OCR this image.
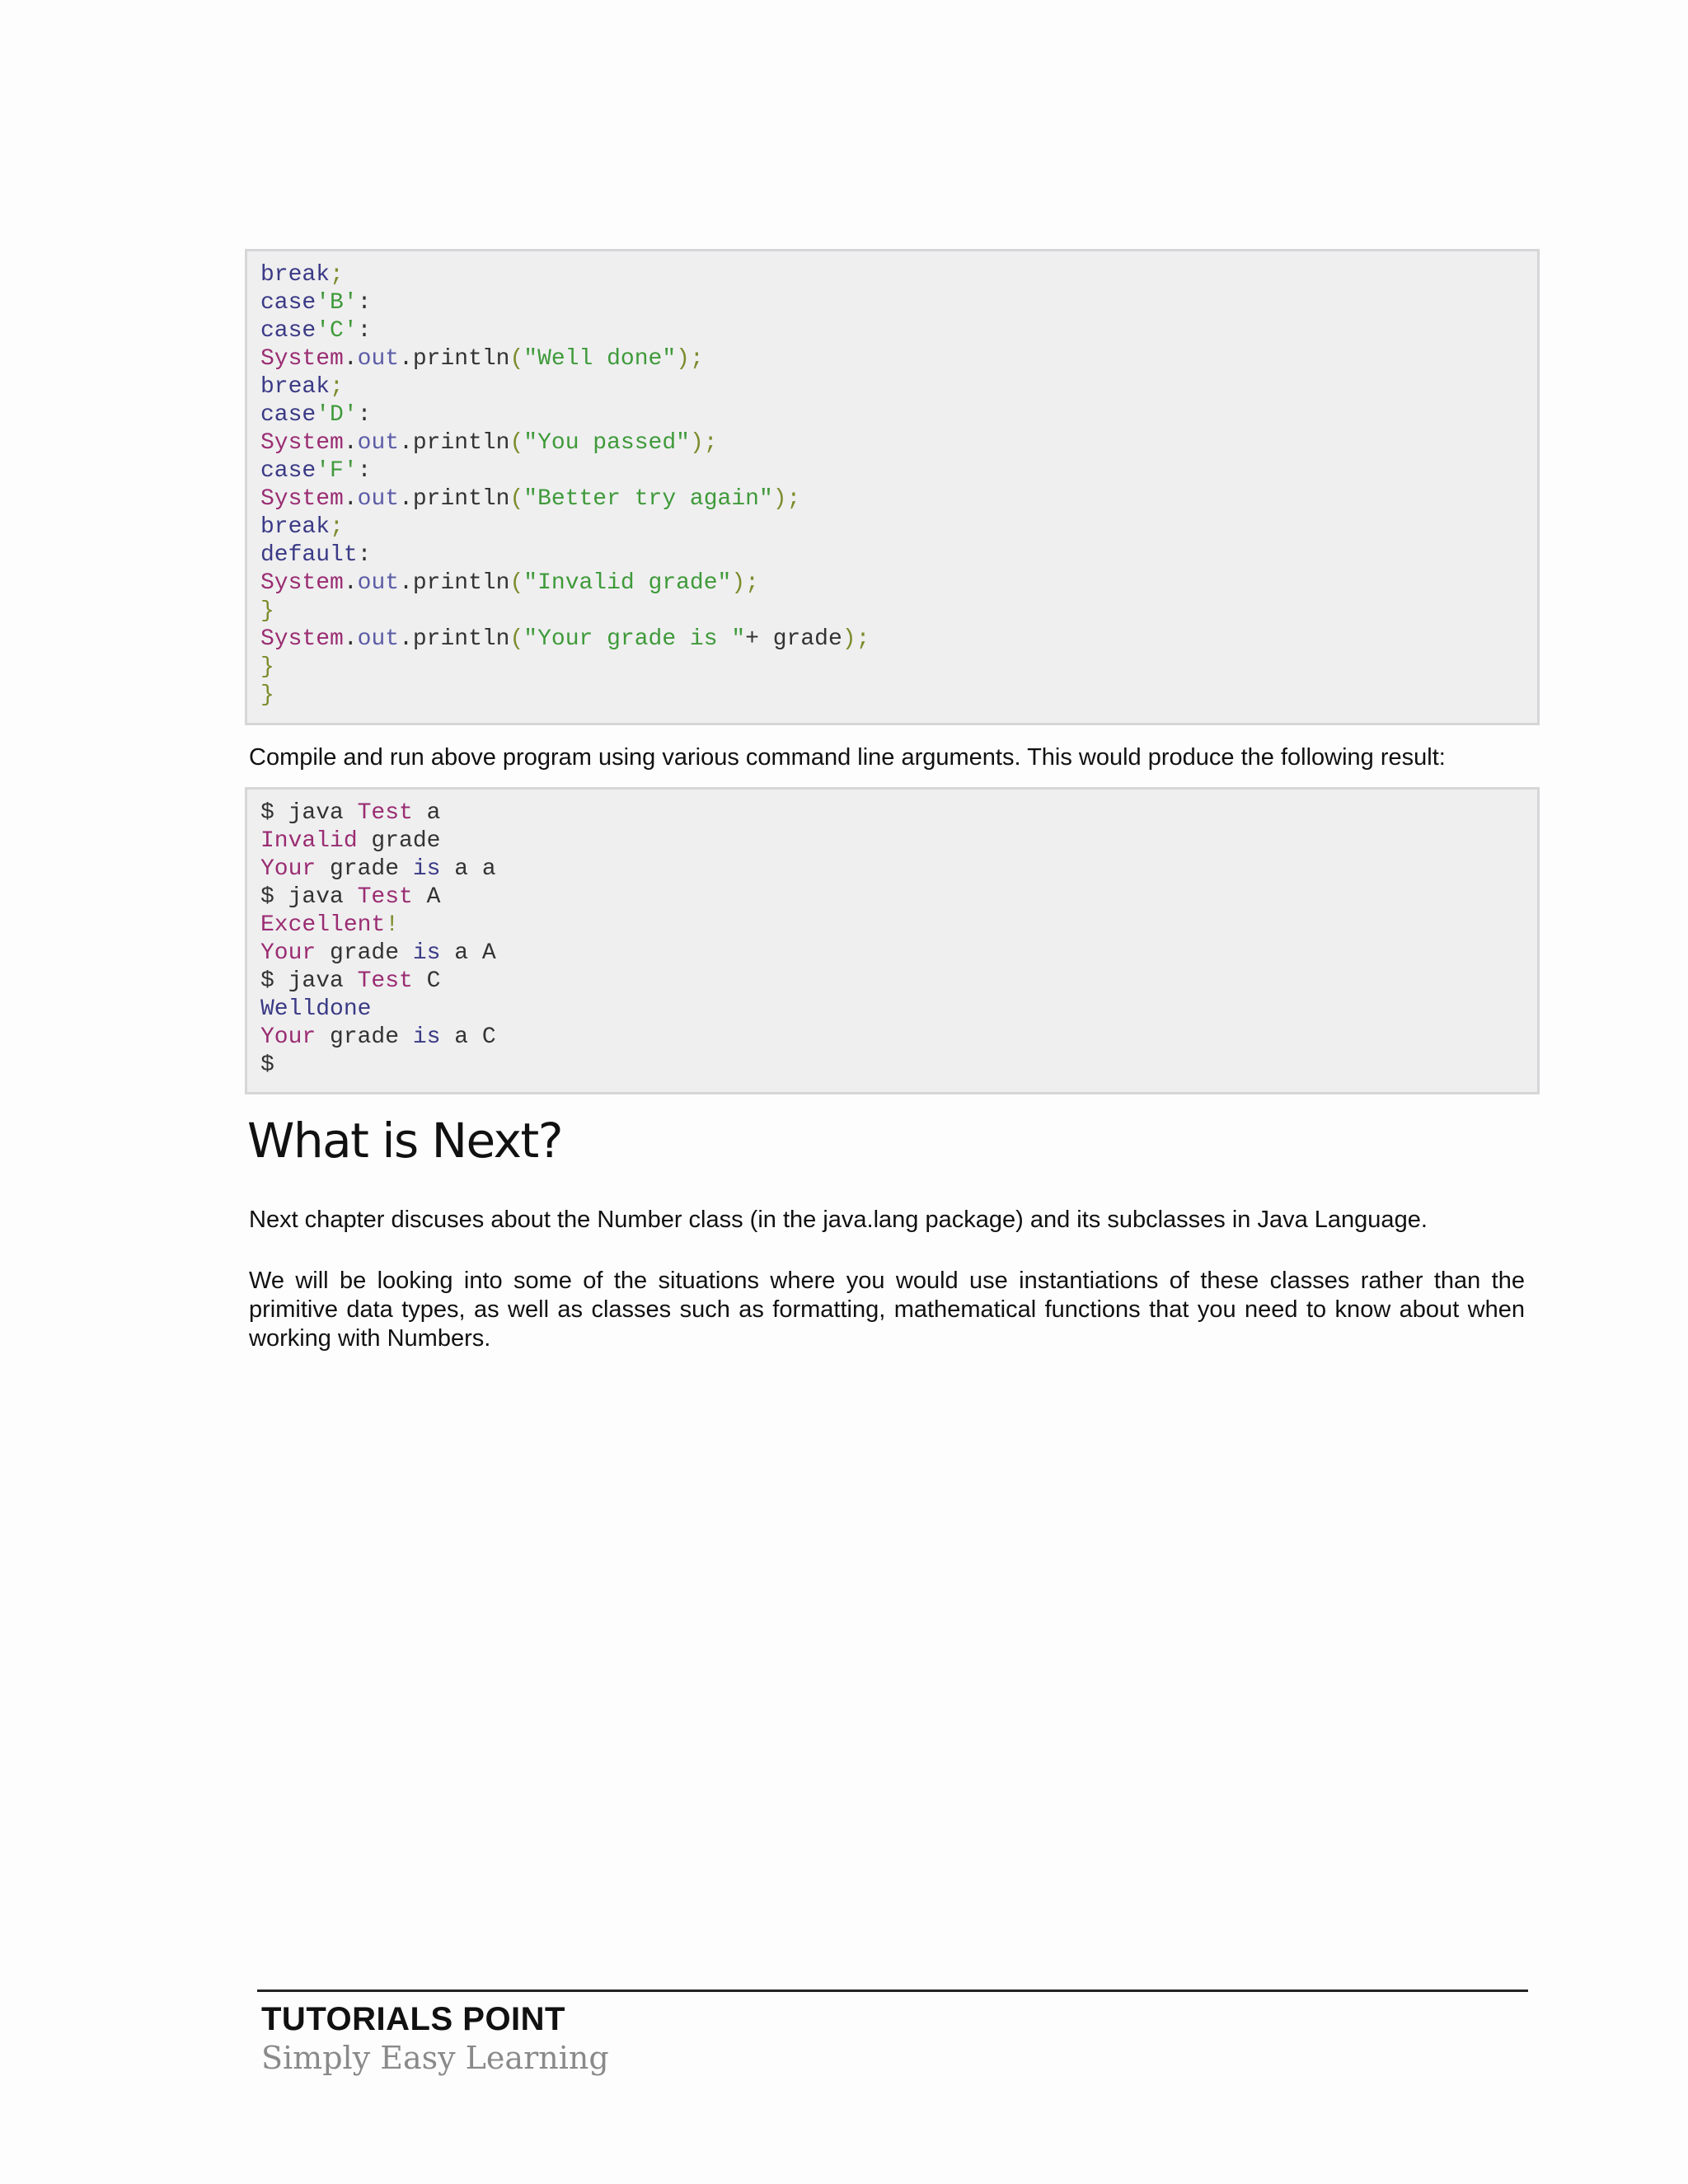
break;
case'B':
case'C':
System.out.println("Well done");
break;
case'D':
System.out.println("You passed");
case'F':
System.out.println("Better try again");
break;
default:
System.out.println("Invalid grade");
}
System.out.println("Your grade is "+ grade);
}
}

Compile and run above program using various command line arguments. This would produce the following result:

$ java Test a
Invalid grade
Your grade is a a
$ java Test A
Excellent!
Your grade is a A
$ java Test C
Welldone
Your grade is a C
$
What is Next?

Next chapter discuses about the Number class (in the java.lang package) and its subclasses in Java Language.

We will be looking into some of the situations where you would use instantiations of these classes rather than the primitive data types, as well as classes such as formatting, mathematical functions that you need to know about when working with Numbers.

TUTORIALS POINT
Simply Easy Learning
